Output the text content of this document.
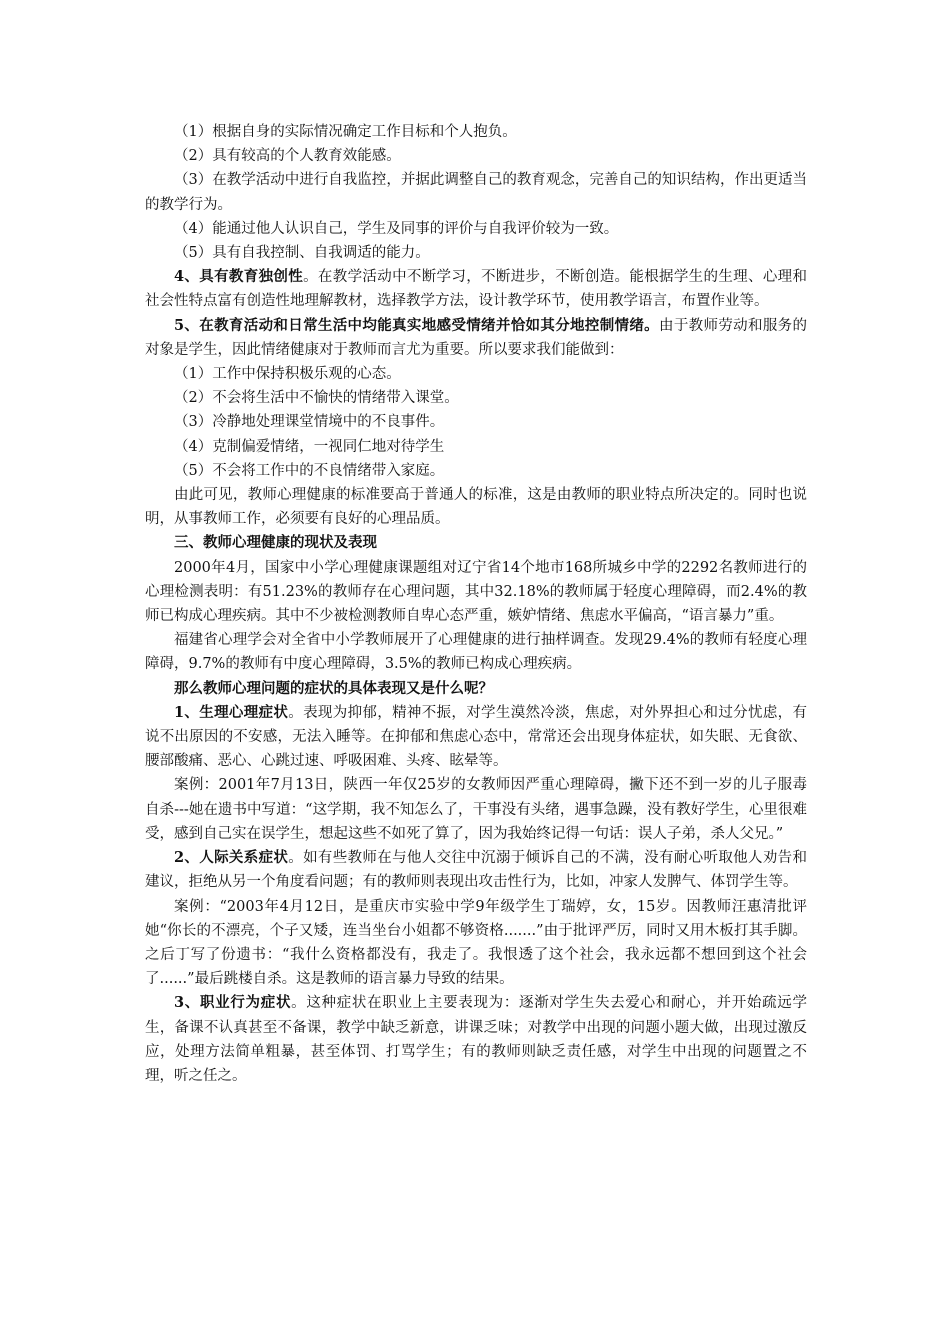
（1）根据自身的实际情况确定工作目标和个人抱负。

（2）具有较高的个人教育效能感。

（3）在教学活动中进行自我监控，并据此调整自己的教育观念，完善自己的知识结构，作出更适当的教学行为。

（4）能通过他人认识自己，学生及同事的评价与自我评价较为一致。

（5）具有自我控制、自我调适的能力。

4、具有教育独创性。在教学活动中不断学习，不断进步，不断创造。能根据学生的生理、心理和社会性特点富有创造性地理解教材，选择教学方法，设计教学环节，使用教学语言，布置作业等。

5、在教育活动和日常生活中均能真实地感受情绪并恰如其分地控制情绪。由于教师劳动和服务的对象是学生，因此情绪健康对于教师而言尤为重要。所以要求我们能做到：

（1）工作中保持积极乐观的心态。

（2）不会将生活中不愉快的情绪带入课堂。

（3）冷静地处理课堂情境中的不良事件。

（4）克制偏爱情绪，一视同仁地对待学生

（5）不会将工作中的不良情绪带入家庭。

由此可见，教师心理健康的标准要高于普通人的标准，这是由教师的职业特点所决定的。同时也说明，从事教师工作，必须要有良好的心理品质。

三、教师心理健康的现状及表现

2000年4月，国家中小学心理健康课题组对辽宁省14个地市168所城乡中学的2292名教师进行的心理检测表明：有51.23%的教师存在心理问题，其中32.18%的教师属于轻度心理障碍，而2.4%的教师已构成心理疾病。其中不少被检测教师自卑心态严重，嫉妒情绪、焦虑水平偏高，“语言暴力”重。

福建省心理学会对全省中小学教师展开了心理健康的进行抽样调查。发现29.4%的教师有轻度心理障碍，9.7%的教师有中度心理障碍，3.5%的教师已构成心理疾病。

那么教师心理问题的症状的具体表现又是什么呢？

1、生理心理症状。表现为抑郁，精神不振，对学生漠然冷淡，焦虑，对外界担心和过分忧虑，有说不出原因的不安感，无法入睡等。在抑郁和焦虑心态中，常常还会出现身体症状，如失眠、无食欲、腰部酸痛、恶心、心跳过速、呼吸困难、头疼、眩晕等。

案例：2001年7月13日，陕西一年仅25岁的女教师因严重心理障碍，撇下还不到一岁的儿子服毒自杀---她在遗书中写道：“这学期，我不知怎么了，干事没有头绪，遇事急躁，没有教好学生，心里很难受，感到自己实在误学生，想起这些不如死了算了，因为我始终记得一句话：误人子弟，杀人父兄。”

2、人际关系症状。如有些教师在与他人交往中沉溺于倾诉自己的不满，没有耐心听取他人劝告和建议，拒绝从另一个角度看问题；有的教师则表现出攻击性行为，比如，冲家人发脾气、体罚学生等。

案例：“2003年4月12日，是重庆市实验中学9年级学生丁瑞婷，女，15岁。因教师汪惠清批评她“你长的不漂亮，个子又矮，连当坐台小姐都不够资格.......”由于批评严厉，同时又用木板打其手脚。之后丁写了份遗书：“我什么资格都没有，我走了。我恨透了这个社会，我永远都不想回到这个社会了......”最后跳楼自杀。这是教师的语言暴力导致的结果。

3、职业行为症状。这种症状在职业上主要表现为：逐渐对学生失去爱心和耐心，并开始疏远学生，备课不认真甚至不备课，教学中缺乏新意，讲课乏味；对教学中出现的问题小题大做，出现过激反应，处理方法简单粗暴，甚至体罚、打骂学生；有的教师则缺乏责任感，对学生中出现的问题置之不理，听之任之。
